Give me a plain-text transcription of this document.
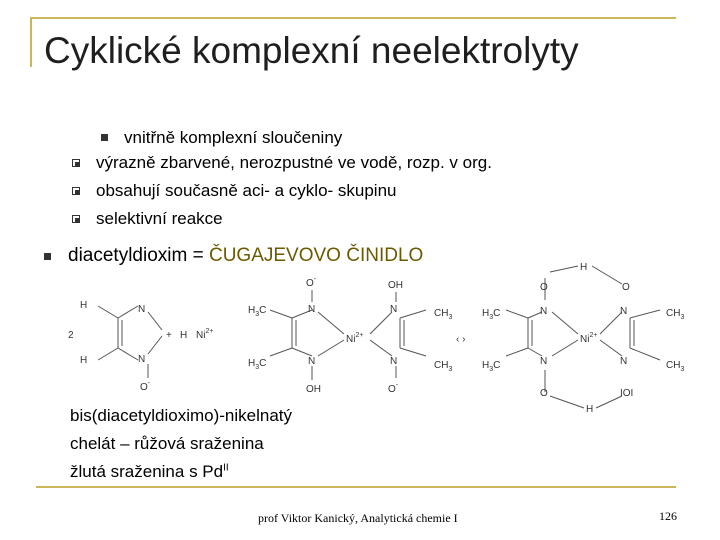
Cyklické komplexní neelektrolyty
vnitřně komplexní sloučeniny
výrazně zbarvené, nerozpustné ve vodě, rozp. v org.
obsahují současně aci- a cyklo- skupinu
selektivní reakce
diacetyldioxim = ČUGAJEVOVO ČINIDLO
H
H
2
N
N
O-
+ H $Ni^{2+}$
O-
OH
$H_3C$
$H_3C$
N
N
N
N
$Ni^{2+}$
$CH_3$
$CH_3$
OH	O-
‹ ›
H
O	O
$H_3C$
$H_3C$
N
N
N
N
$Ni^{2+}$
$CH_3$
$CH_3$
O	IOI
H
bis(diacetyldioximo)-nikelnatý
chelát – růžová sraženina
žlutá sraženina s $Pd^{II}$
prof Viktor Kanický, Analytická chemie I	126
